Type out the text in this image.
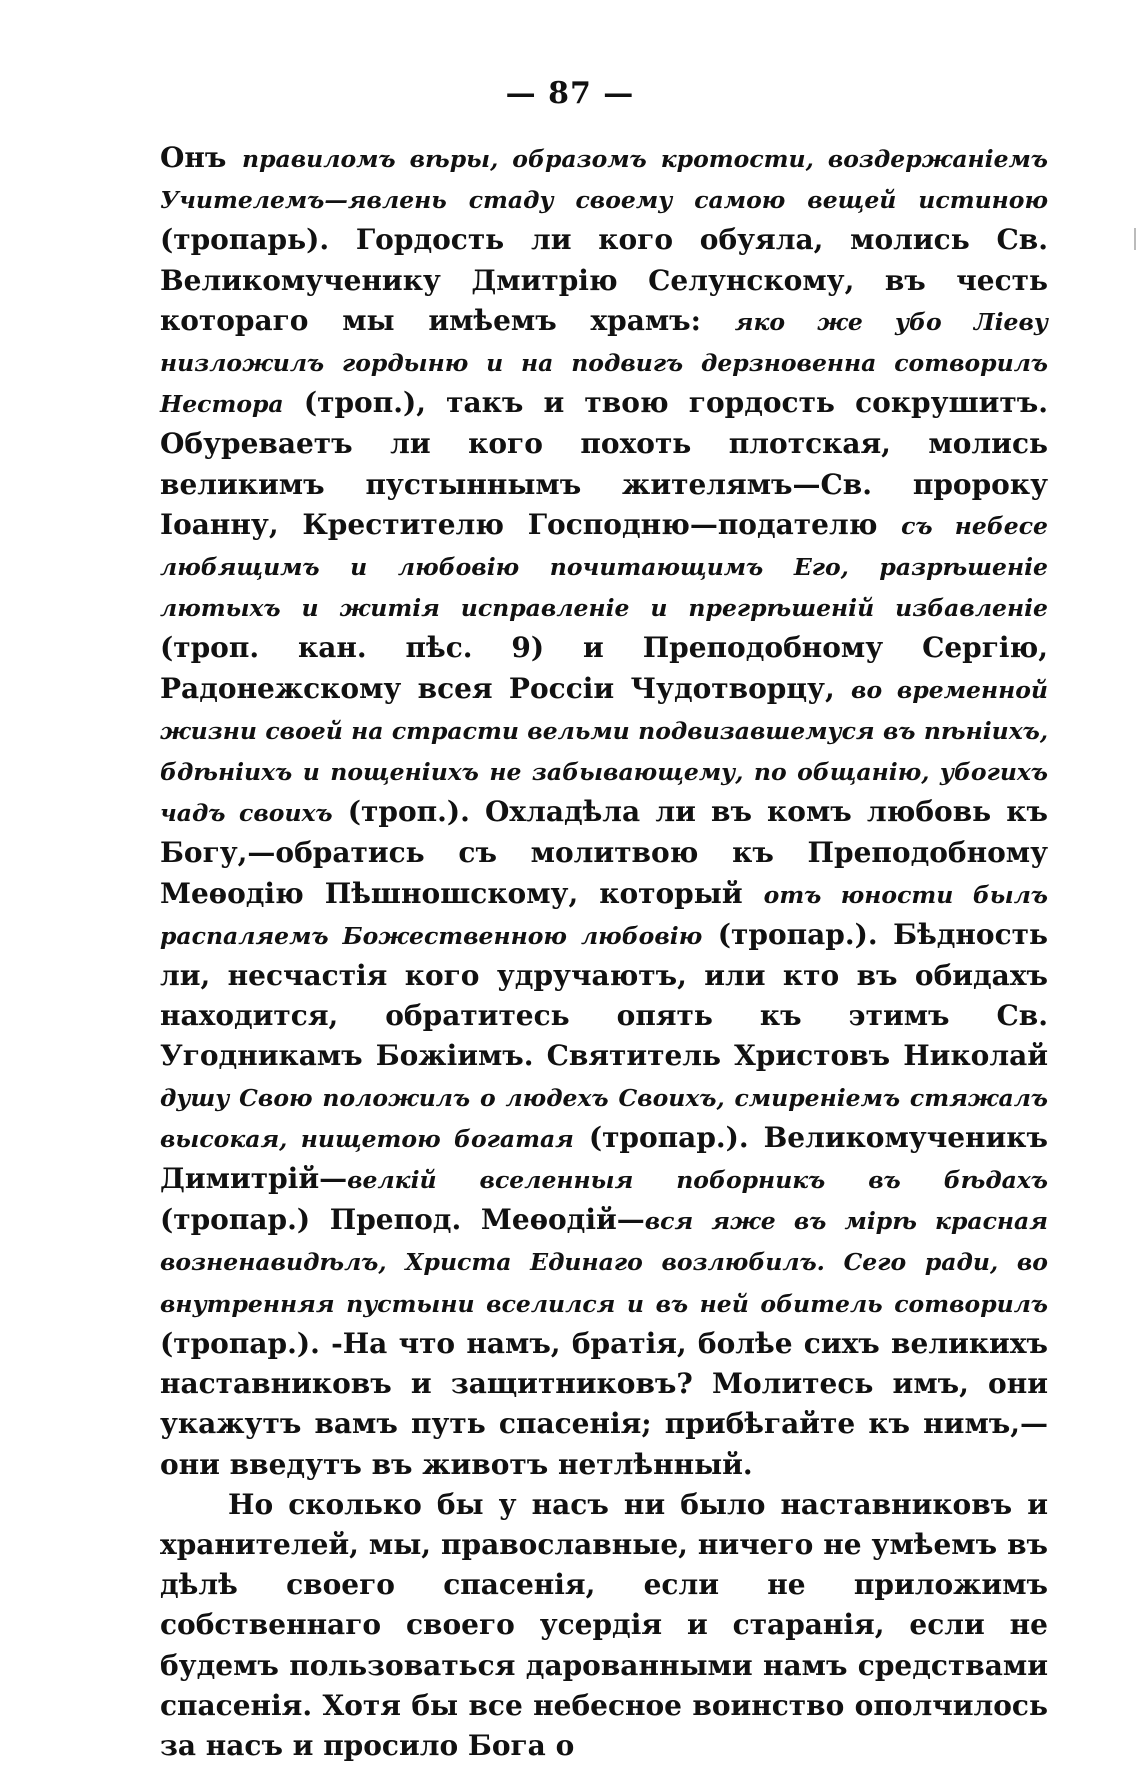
— 87 —

Онъ правиломъ вѣры, образомъ кротости, воздержанiемъ Учителемъ—явлень стаду своему самою вещей истиною (тропарь). Гордость ли кого обуяла, молись Св. Великомученику Дмитрiю Селунскому, въ честь котораго мы имѣемъ храмъ: яко же убо Лiеву низложилъ гордыню и на подвигъ дерзновенна сотворилъ Нестора (троп.), такъ и твою гордость сокрушитъ. Обуреваетъ ли кого похоть плотская, молись великимъ пустыннымъ жителямъ—Св. пророку Iоанну, Крестителю Господню—подателю съ небесе любящимъ и любовiю почитающимъ Его, разрѣшенiе лютыхъ и житiя исправленiе и прегрѣшенiй избавленiе (троп. кан. пѣс. 9) и Преподобному Сергiю, Радонежскому всея Россiи Чудотворцу, во временной жизни своей на страсти вельми подвизавшемуся въ пѣнiихъ, бдѣнiихъ и пощенiихъ не забывающему, по общанiю, убогихъ чадъ своихъ (троп.). Охладѣла ли въ комъ любовь къ Богу,—обратись съ молитвою къ Преподобному Меѳодiю Пѣшношскому, который отъ юности былъ распаляемъ Божественною любовiю (тропар.). Бѣдность ли, несчастiя кого удручаютъ, или кто въ обидахъ находится, обратитесь опять къ этимъ Св. Угодникамъ Божiимъ. Святитель Христовъ Николай душу Свою положилъ о людехъ Своихъ, смиренiемъ стяжалъ высокая, нищетою богатая (тропар.). Великомученикъ Димитрiй—велкiй вселенныя поборникъ въ бѣдахъ (тропар.) Препод. Меѳодiй—вся яже въ мiрѣ красная возненавидѣлъ, Христа Единаго возлюбилъ. Сего ради, во внутренняя пустыни вселился и въ ней обитель сотворилъ (тропар.). -На что намъ, братiя, болѣе сихъ великихъ наставниковъ и защитниковъ? Молитесь имъ, они укажутъ вамъ путь спасенiя; прибѣгайте къ нимъ,—они введутъ въ животъ нетлѣнный.

Но сколько бы у насъ ни было наставниковъ и хранителей, мы, православные, ничего не умѣемъ въ дѣлѣ своего спасенiя, если не приложимъ собственнаго своего усердiя и старанiя, если не будемъ пользоваться дарованными намъ средствами спасенiя. Хотя бы все небесное воинство ополчилось за насъ и просило Бога о
